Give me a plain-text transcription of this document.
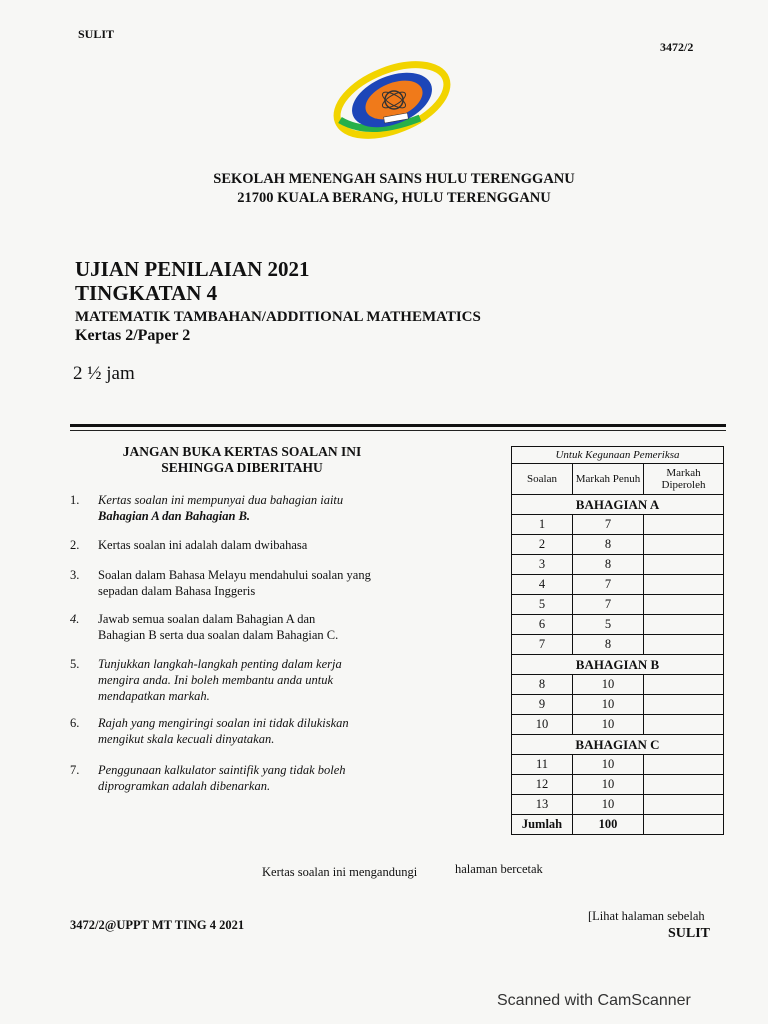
SULIT
3472/2
SEKOLAH MENENGAH SAINS HULU TERENGGANU
21700 KUALA BERANG, HULU TERENGGANU
UJIAN PENILAIAN 2021
TINGKATAN 4
MATEMATIK TAMBAHAN/ADDITIONAL MATHEMATICS
Kertas 2/Paper 2
2 ½ jam
JANGAN BUKA KERTAS SOALAN INI
SEHINGGA DIBERITAHU
1.	Kertas soalan ini mempunyai dua bahagian iaitu
Bahagian A dan Bahagian B.
2.	Kertas soalan ini adalah dalam dwibahasa
3.	Soalan dalam Bahasa Melayu mendahului soalan yang
sepadan dalam Bahasa Inggeris
4.	Jawab semua soalan dalam Bahagian A dan
Bahagian B serta dua soalan dalam Bahagian C.
5.	Tunjukkan langkah-langkah penting dalam kerja
mengira anda. Ini boleh membantu anda untuk
mendapatkan markah.
6.	Rajah yang mengiringi soalan ini tidak dilukiskan
mengikut skala kecuali dinyatakan.
7.	Penggunaan kalkulator saintifik yang tidak boleh
diprogramkan adalah dibenarkan.
Untuk Kegunaan Pemeriksa		
Soalan	Markah Penuh	Markah Diperoleh
BAHAGIAN A		
1	7	
2	8	
3	8	
4	7	
5	7	
6	5	
7	8	
BAHAGIAN B		
8	10	
9	10	
10	10	
BAHAGIAN C		
11	10	
12	10	
13	10	
Jumlah	100	
Kertas soalan ini mengandungi	halaman bercetak
3472/2@UPPT MT TING 4 2021
[Lihat halaman sebelah
SULIT
Scanned with CamScanner
